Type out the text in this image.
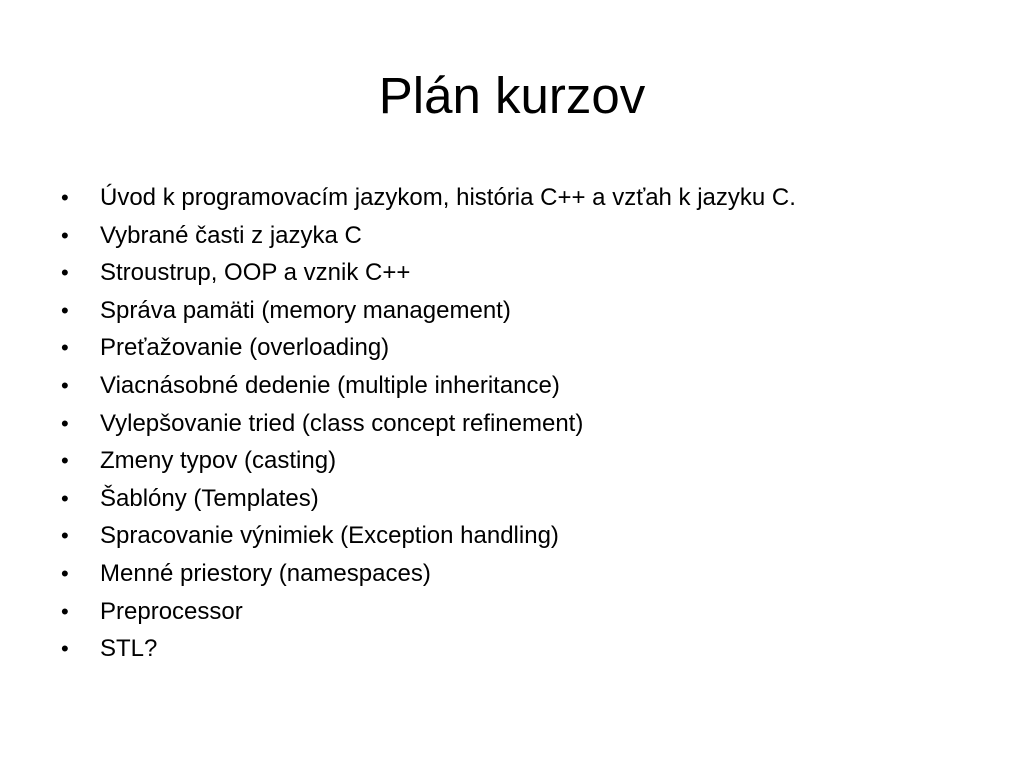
Plán kurzov
• Úvod k programovacím jazykom, história C++ a vzťah k jazyku C.
• Vybrané časti z jazyka C
• Stroustrup, OOP a vznik C++
• Správa pamäti (memory management)
• Preťažovanie (overloading)
• Viacnásobné dedenie (multiple inheritance)
• Vylepšovanie tried (class concept refinement)
• Zmeny typov (casting)
• Šablóny (Templates)
• Spracovanie výnimiek (Exception handling)
• Menné priestory (namespaces)
• Preprocessor
• STL?
